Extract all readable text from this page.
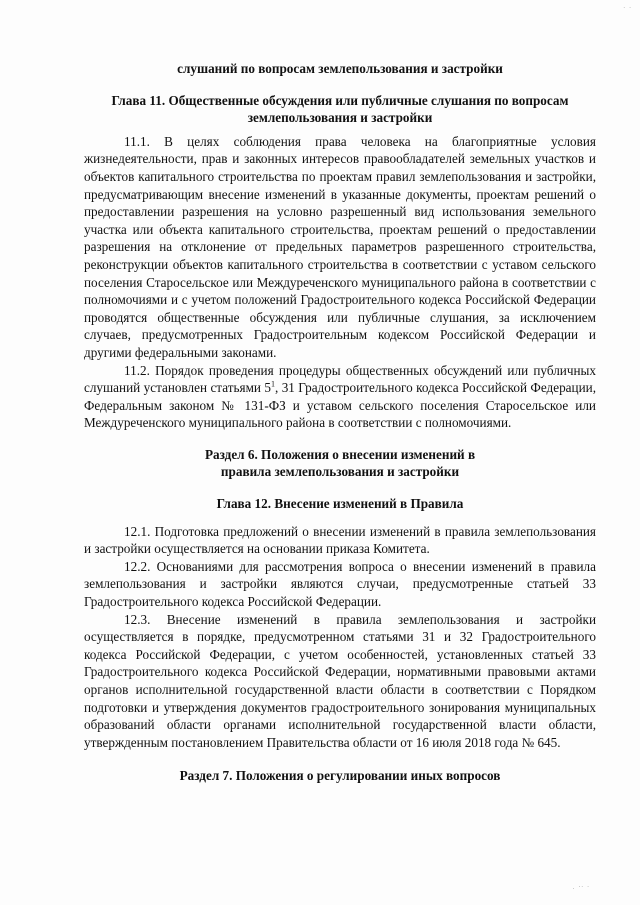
· ·

слушаний по вопросам землепользования и застройки

Глава 11. Общественные обсуждения или публичные слушания по вопросам землепользования и застройки

11.1. В целях соблюдения права человека на благоприятные условия жизнедеятельности, прав и законных интересов правообладателей земельных участков и объектов капитального строительства по проектам правил землепользования и застройки, предусматривающим внесение изменений в указанные документы, проектам решений о предоставлении разрешения на условно разрешенный вид использования земельного участка или объекта капитального строительства, проектам решений о предоставлении разрешения на отклонение от предельных параметров разрешенного строительства, реконструкции объектов капитального строительства в соответствии с уставом сельского поселения Старосельское или Междуреченского муниципального района в соответствии с полномочиями и с учетом положений Градостроительного кодекса Российской Федерации проводятся общественные обсуждения или публичные слушания, за исключением случаев, предусмотренных Градостроительным кодексом Российской Федерации и другими федеральными законами.

11.2. Порядок проведения процедуры общественных обсуждений или публичных слушаний установлен статьями $5^1$, 31 Градостроительного кодекса Российской Федерации, Федеральным законом № 131-ФЗ и уставом сельского поселения Старосельское или Междуреченского муниципального района в соответствии с полномочиями.

Раздел 6. Положения о внесении изменений в
правила землепользования и застройки

Глава 12. Внесение изменений в Правила

12.1. Подготовка предложений о внесении изменений в правила землепользования и застройки осуществляется на основании приказа Комитета.

12.2. Основаниями для рассмотрения вопроса о внесении изменений в правила землепользования и застройки являются случаи, предусмотренные статьей 33 Градостроительного кодекса Российской Федерации.

12.3. Внесение изменений в правила землепользования и застройки осуществляется в порядке, предусмотренном статьями 31 и 32 Градостроительного кодекса Российской Федерации, с учетом особенностей, установленных статьей 33 Градостроительного кодекса Российской Федерации, нормативными правовыми актами органов исполнительной государственной власти области в соответствии с Порядком подготовки и утверждения документов градостроительного зонирования муниципальных образований области органами исполнительной государственной власти области, утвержденным постановлением Правительства области от 16 июля 2018 года № 645.

Раздел 7. Положения о регулировании иных вопросов

. ·· ·
